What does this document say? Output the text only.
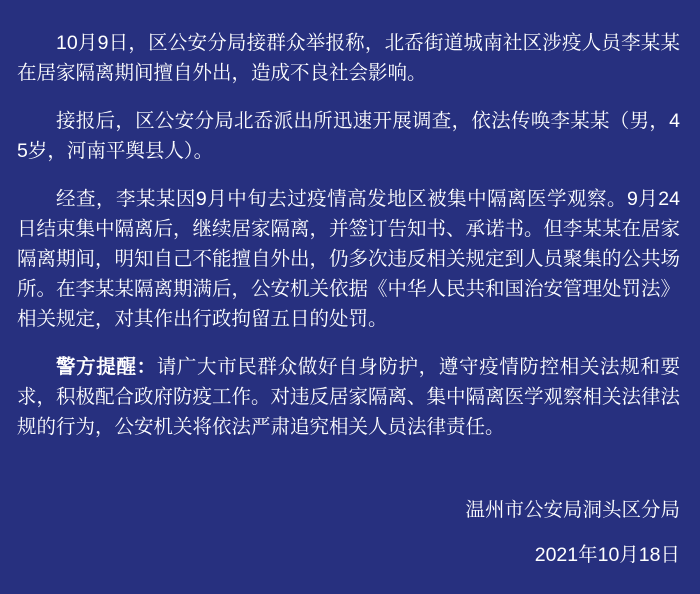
10月9日，区公安分局接群众举报称，北岙街道城南社区涉疫人员李某某在居家隔离期间擅自外出，造成不良社会影响。

接报后，区公安分局北岙派出所迅速开展调查，依法传唤李某某（男，45岁，河南平舆县人）。

经查，李某某因9月中旬去过疫情高发地区被集中隔离医学观察。9月24日结束集中隔离后，继续居家隔离，并签订告知书、承诺书。但李某某在居家隔离期间，明知自己不能擅自外出，仍多次违反相关规定到人员聚集的公共场所。在李某某隔离期满后，公安机关依据《中华人民共和国治安管理处罚法》相关规定，对其作出行政拘留五日的处罚。

警方提醒：请广大市民群众做好自身防护，遵守疫情防控相关法规和要求，积极配合政府防疫工作。对违反居家隔离、集中隔离医学观察相关法律法规的行为，公安机关将依法严肃追究相关人员法律责任。

温州市公安局洞头区分局
2021年10月18日
